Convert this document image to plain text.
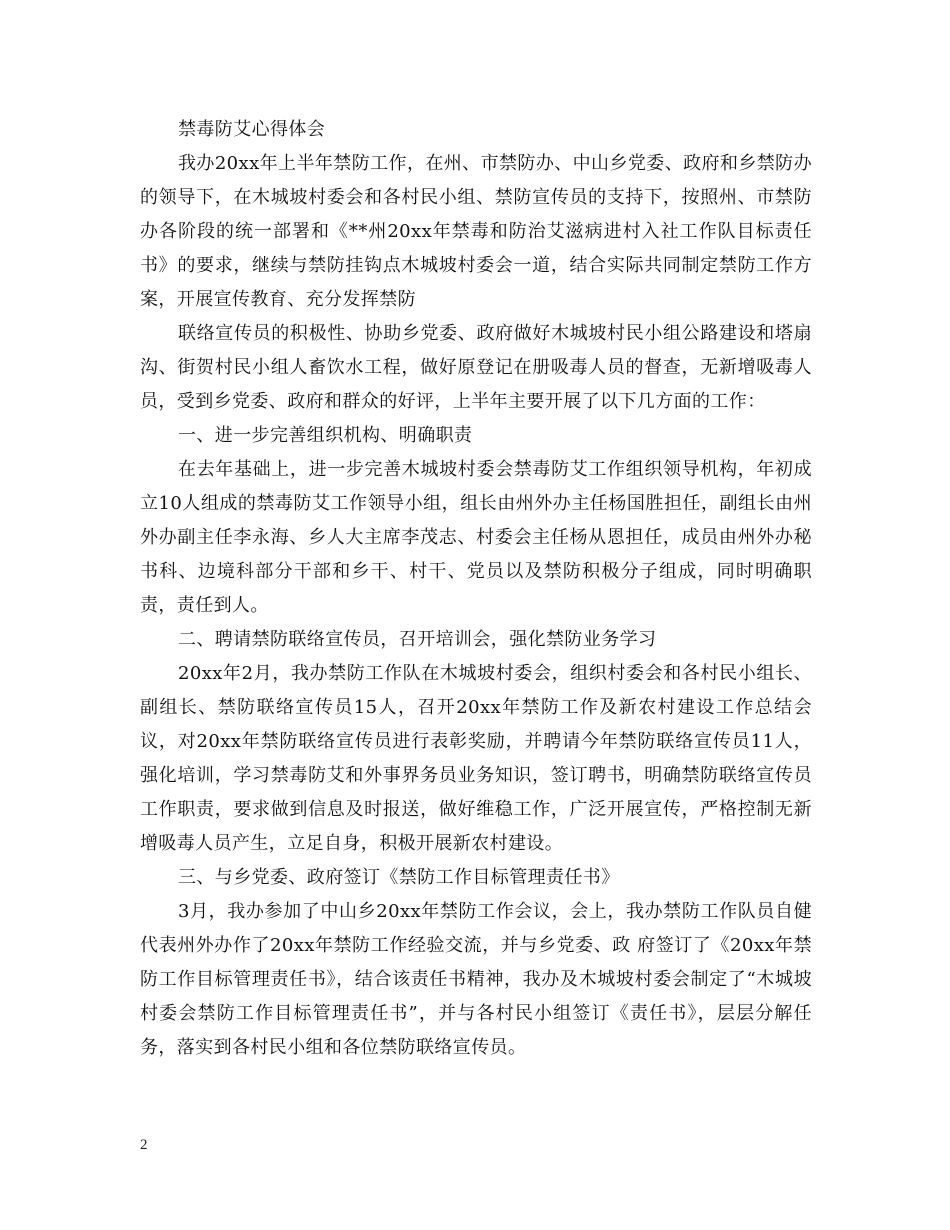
禁毒防艾心得体会

我办20xx年上半年禁防工作，在州、市禁防办、中山乡党委、政府和乡禁防办的领导下，在木城坡村委会和各村民小组、禁防宣传员的支持下，按照州、市禁防办各阶段的统一部署和《**州20xx年禁毒和防治艾滋病进村入社工作队目标责任书》的要求，继续与禁防挂钩点木城坡村委会一道，结合实际共同制定禁防工作方案，开展宣传教育、充分发挥禁防

联络宣传员的积极性、协助乡党委、政府做好木城坡村民小组公路建设和塔扇沟、街贺村民小组人畜饮水工程，做好原登记在册吸毒人员的督查，无新增吸毒人员，受到乡党委、政府和群众的好评，上半年主要开展了以下几方面的工作：

一、进一步完善组织机构、明确职责

在去年基础上，进一步完善木城坡村委会禁毒防艾工作组织领导机构，年初成立10人组成的禁毒防艾工作领导小组，组长由州外办主任杨国胜担任，副组长由州外办副主任李永海、乡人大主席李茂志、村委会主任杨从恩担任，成员由州外办秘书科、边境科部分干部和乡干、村干、党员以及禁防积极分子组成，同时明确职责，责任到人。

二、聘请禁防联络宣传员，召开培训会，强化禁防业务学习

20xx年2月，我办禁防工作队在木城坡村委会，组织村委会和各村民小组长、副组长、禁防联络宣传员15人，召开20xx年禁防工作及新农村建设工作总结会议，对20xx年禁防联络宣传员进行表彰奖励，并聘请今年禁防联络宣传员11人，强化培训，学习禁毒防艾和外事界务员业务知识，签订聘书，明确禁防联络宣传员工作职责，要求做到信息及时报送，做好维稳工作，广泛开展宣传，严格控制无新增吸毒人员产生，立足自身，积极开展新农村建设。

三、与乡党委、政府签订《禁防工作目标管理责任书》

3月，我办参加了中山乡20xx年禁防工作会议，会上，我办禁防工作队员自健代表州外办作了20xx年禁防工作经验交流，并与乡党委、政 府签订了《20xx年禁防工作目标管理责任书》，结合该责任书精神，我办及木城坡村委会制定了“木城坡村委会禁防工作目标管理责任书”，并与各村民小组签订《责任书》，层层分解任务，落实到各村民小组和各位禁防联络宣传员。

2
